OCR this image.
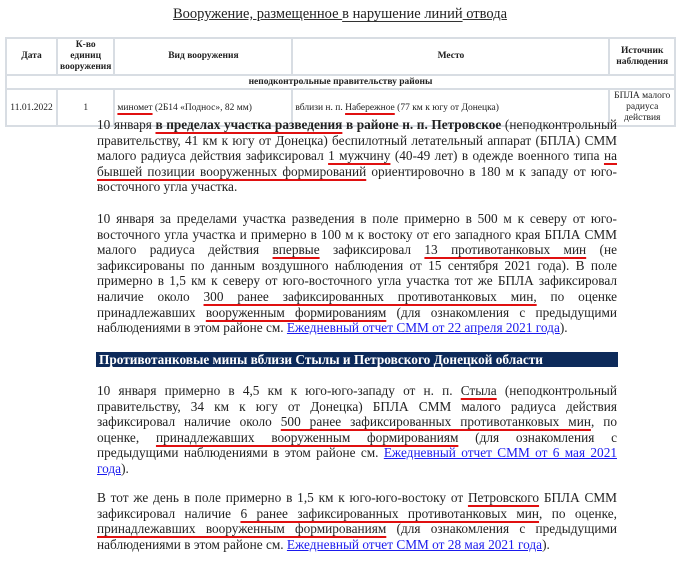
Вооружение, размещенное в нарушение линий отвода
Дата	К-во единиц вооружения	Вид вооружения	Место	Источник наблюдения
неподконтрольные правительству районы				
11.01.2022	1	миномет (2Б14 «Поднос», 82 мм)	вблизи н. п. Набережное (77 км к югу от Донецка)	БПЛА малого радиуса действия

10 января в пределах участка разведения в районе н. п. Петровское (неподконтрольный правительству, 41 км к югу от Донецка) беспилотный летательный аппарат (БПЛА) СММ малого радиуса действия зафиксировал 1 мужчину (40-49 лет) в одежде военного типа на бывшей позиции вооруженных формирований ориентировочно в 180 м к западу от юго-восточного угла участка.

10 января за пределами участка разведения в поле примерно в 500 м к северу от юго-восточного угла участка и примерно в 100 м к востоку от его западного края БПЛА СММ малого радиуса действия впервые зафиксировал 13 противотанковых мин (не зафиксированы по данным воздушного наблюдения от 15 сентября 2021 года). В поле примерно в 1,5 км к северу от юго-восточного угла участка тот же БПЛА зафиксировал наличие около 300 ранее зафиксированных противотанковых мин, по оценке принадлежавших вооруженным формированиям (для ознакомления с предыдущими наблюдениями в этом районе см. Ежедневный отчет СММ от 22 апреля 2021 года).

Противотанковые мины вблизи Стылы и Петровского Донецкой области

10 января примерно в 4,5 км к юго-юго-западу от н. п. Стыла (неподконтрольный правительству, 34 км к югу от Донецка) БПЛА СММ малого радиуса действия зафиксировал наличие около 500 ранее зафиксированных противотанковых мин, по оценке, принадлежавших вооруженным формированиям (для ознакомления с предыдущими наблюдениями в этом районе см. Ежедневный отчет СММ от 6 мая 2021 года).

В тот же день в поле примерно в 1,5 км к юго-юго-востоку от Петровского БПЛА СММ зафиксировал наличие 6 ранее зафиксированных противотанковых мин, по оценке, принадлежавших вооруженным формированиям (для ознакомления с предыдущими наблюдениями в этом районе см. Ежедневный отчет СММ от 28 мая 2021 года).
